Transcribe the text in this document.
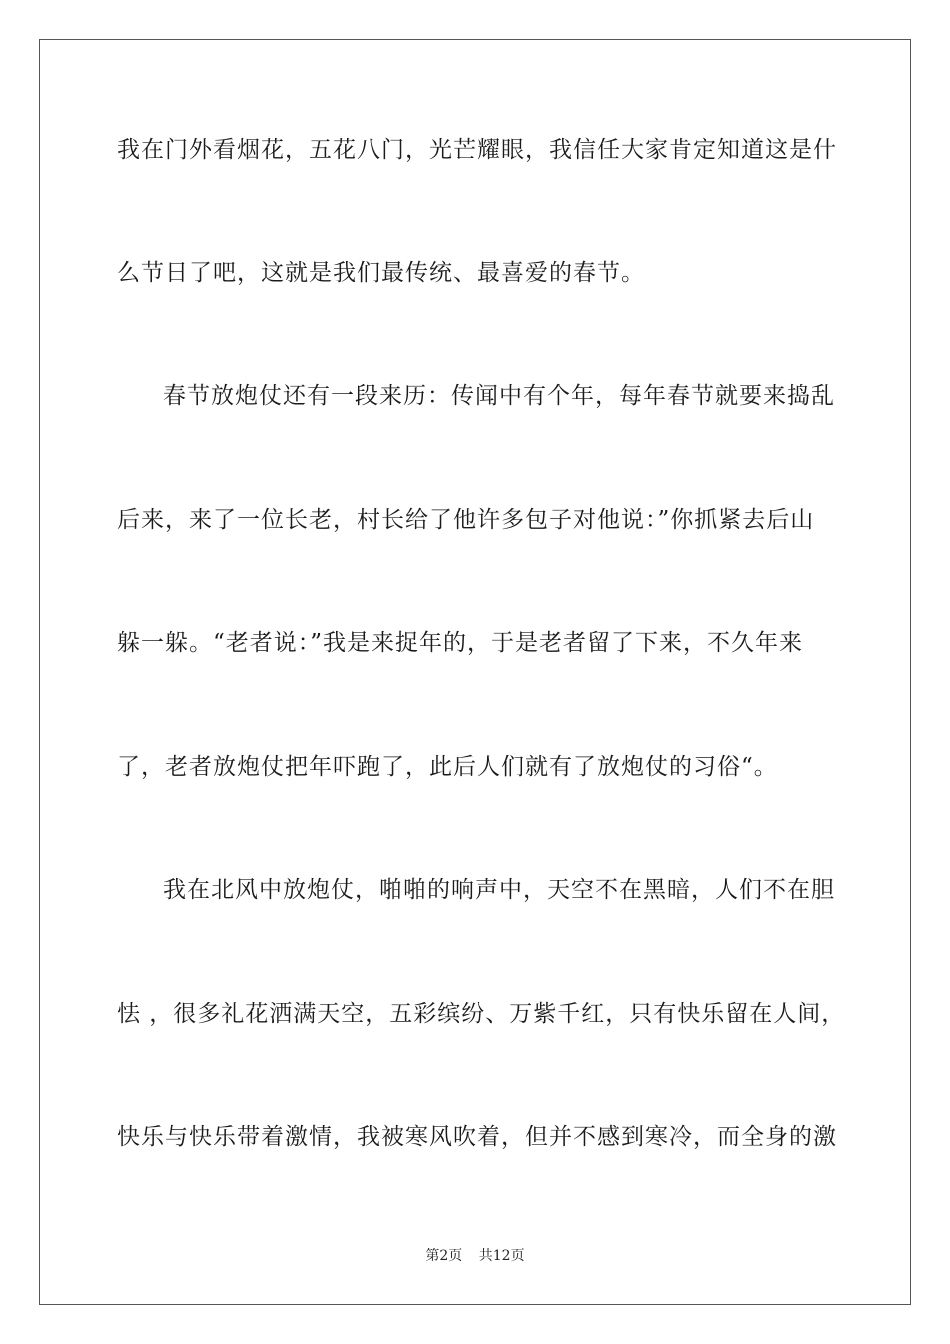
我在门外看烟花，五花八门，光芒耀眼，我信任大家肯定知道这是什
么节日了吧，这就是我们最传统、最喜爱的春节。
春节放炮仗还有一段来历：传闻中有个年，每年春节就要来捣乱
后来，来了一位长老，村长给了他许多包子对他说：”你抓紧去后山
躲一躲。“老者说：”我是来捉年的，于是老者留了下来，不久年来
了，老者放炮仗把年吓跑了，此后人们就有了放炮仗的习俗“。
我在北风中放炮仗，啪啪的响声中，天空不在黑暗，人们不在胆
怯 ，很多礼花洒满天空，五彩缤纷、万紫千红，只有快乐留在人间，
快乐与快乐带着激情，我被寒风吹着，但并不感到寒冷，而全身的激
第2页 共12页
